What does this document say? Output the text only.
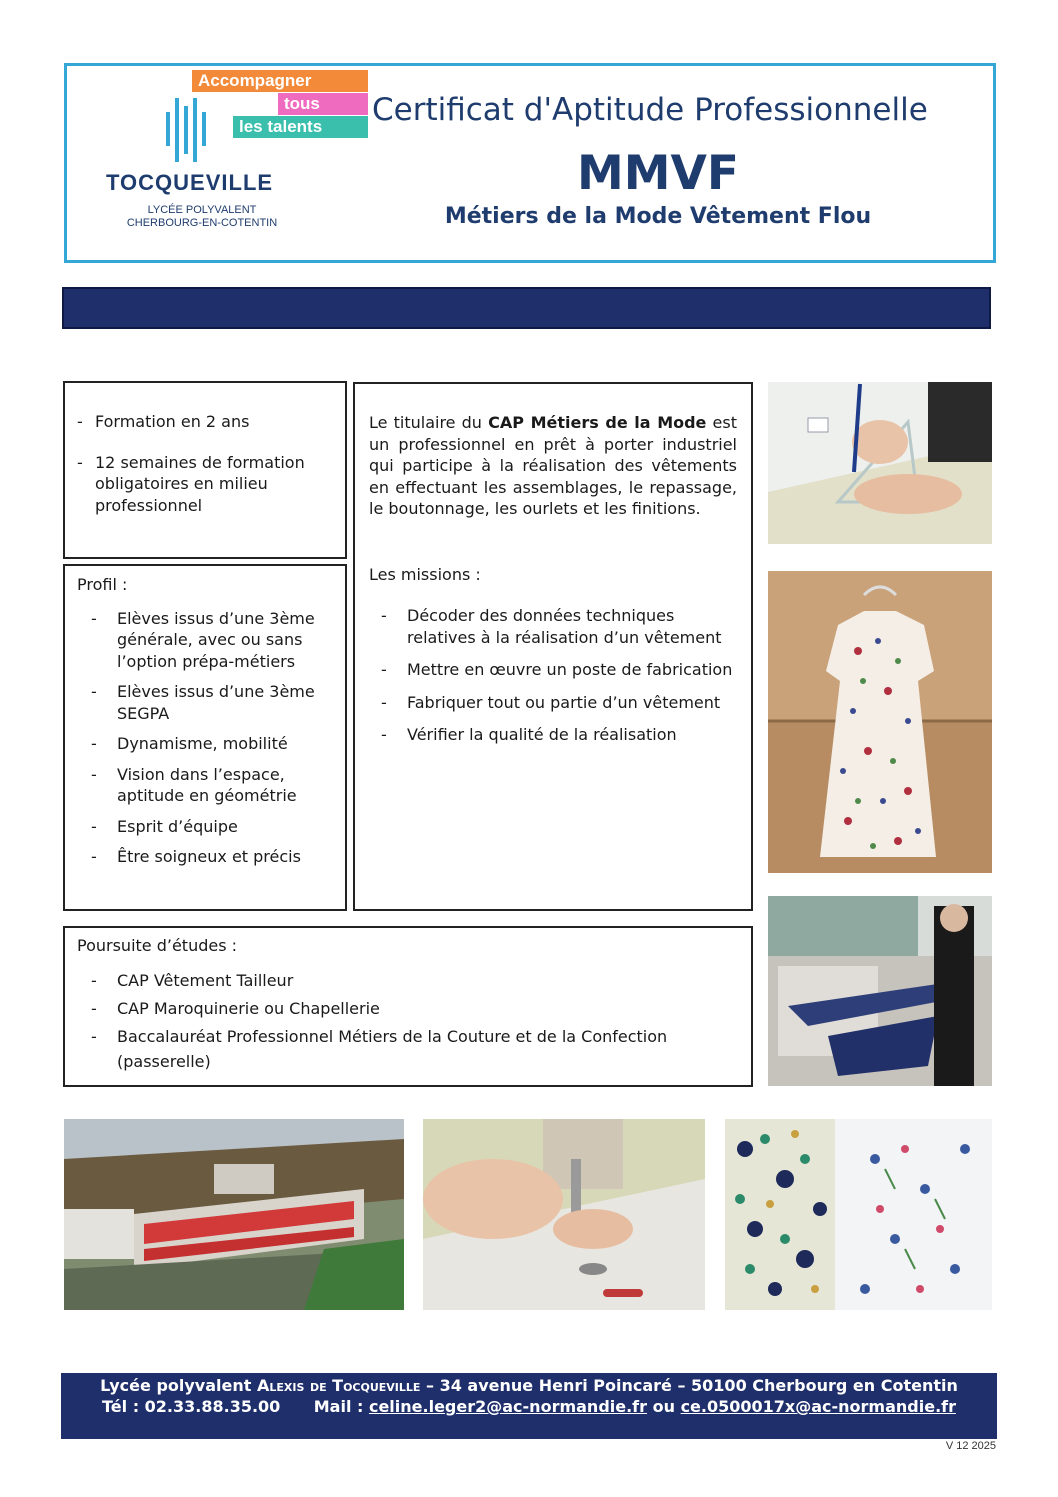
Accompagner
tous
les talents
TOCQUEVILLE
LYCÉE POLYVALENT
CHERBOURG-EN-COTENTIN
Certificat d'Aptitude Professionnelle
MMVF
Métiers de la Mode Vêtement Flou
- Formation en 2 ans
- 12 semaines de formation obligatoires en milieu professionnel
Profil :
- Elèves issus d’une 3ème générale, avec ou sans l’option prépa-métiers
- Elèves issus d’une 3ème SEGPA
- Dynamisme, mobilité
- Vision dans l’espace, aptitude en géométrie
- Esprit d’équipe
- Être soigneux et précis

Le titulaire du CAP Métiers de la Mode est un professionnel en prêt à porter industriel qui participe à la réalisation des vêtements en effectuant les assemblages, le repassage, le boutonnage, les ourlets et les finitions.

Les missions :
- Décoder des données techniques relatives à la réalisation d’un vêtement
- Mettre en œuvre un poste de fabrication
- Fabriquer tout ou partie d’un vêtement
- Vérifier la qualité de la réalisation
Poursuite d’études :
- CAP Vêtement Tailleur
- CAP Maroquinerie ou Chapellerie
- Baccalauréat Professionnel Métiers de la Couture et de la Confection (passerelle)
Lycée polyvalent Alexis de Tocqueville – 34 avenue Henri Poincaré – 50100 Cherbourg en Cotentin
Tél : 02.33.88.35.00 Mail : celine.leger2@ac-normandie.fr ou ce.0500017x@ac-normandie.fr
V 12 2025
